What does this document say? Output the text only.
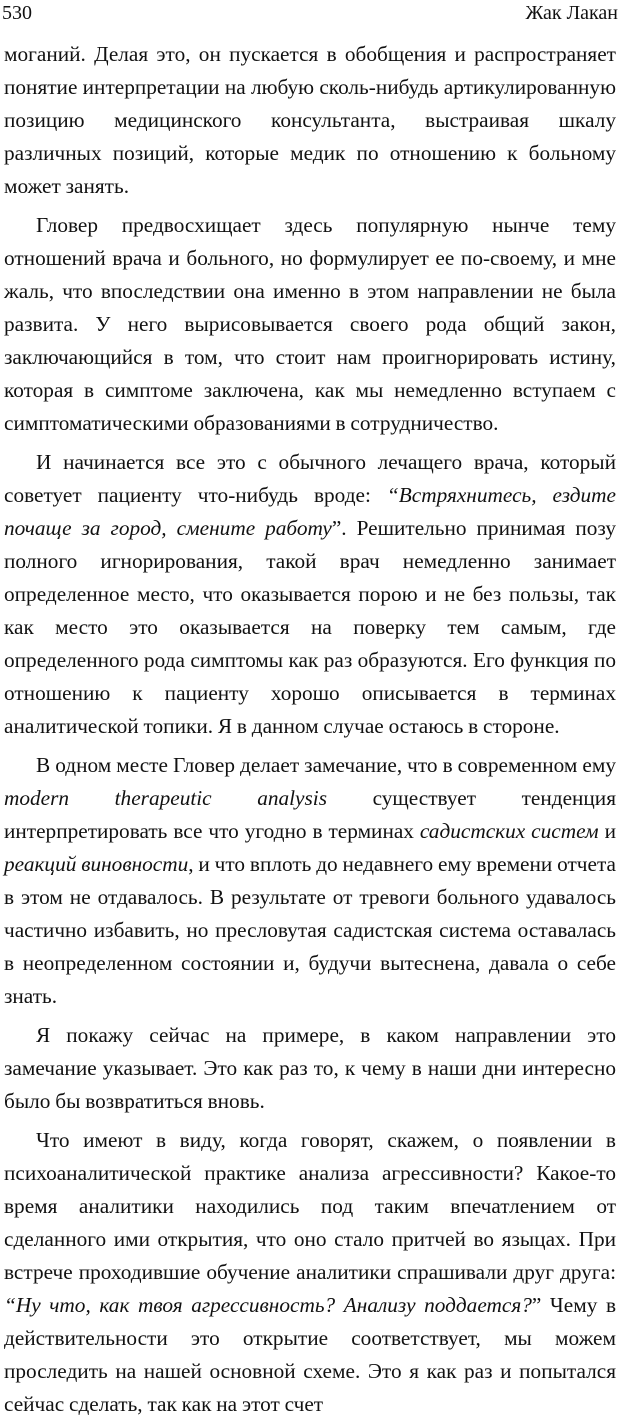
530	Жак Лакан

моганий. Делая это, он пускается в обобщения и распространяет понятие интерпретации на любую сколь-нибудь артикулированную позицию медицинского консультанта, выстраивая шкалу различных позиций, которые медик по отношению к больному может занять.

Гловер предвосхищает здесь популярную нынче тему отношений врача и больного, но формулирует ее по-своему, и мне жаль, что впоследствии она именно в этом направлении не была развита. У него вырисовывается своего рода общий закон, заключающийся в том, что стоит нам проигнорировать истину, которая в симптоме заключена, как мы немедленно вступаем с симптоматическими образованиями в сотрудничество.

И начинается все это с обычного лечащего врача, который советует пациенту что-нибудь вроде: “Встряхнитесь, ездите почаще за город, смените работу”. Решительно принимая позу полного игнорирования, такой врач немедленно занимает определенное место, что оказывается порою и не без пользы, так как место это оказывается на поверку тем самым, где определенного рода симптомы как раз образуются. Его функция по отношению к пациенту хорошо описывается в терминах аналитической топики. Я в данном случае остаюсь в стороне.

В одном месте Гловер делает замечание, что в современном ему modern therapeutic analysis существует тенденция интерпретировать все что угодно в терминах садистских систем и реакций виновности, и что вплоть до недавнего ему времени отчета в этом не отдавалось. В результате от тревоги больного удавалось частично избавить, но пресловутая садистская система оставалась в неопределенном состоянии и, будучи вытеснена, давала о себе знать.

Я покажу сейчас на примере, в каком направлении это замечание указывает. Это как раз то, к чему в наши дни интересно было бы возвратиться вновь.

Что имеют в виду, когда говорят, скажем, о появлении в психоаналитической практике анализа агрессивности? Какое-то время аналитики находились под таким впечатлением от сделанного ими открытия, что оно стало притчей во языцах. При встрече проходившие обучение аналитики спрашивали друг друга: “Ну что, как твоя агрессивность? Анализу поддается?” Чему в действительности это открытие соответствует, мы можем проследить на нашей основной схеме. Это я как раз и попытался сейчас сделать, так как на этот счет
